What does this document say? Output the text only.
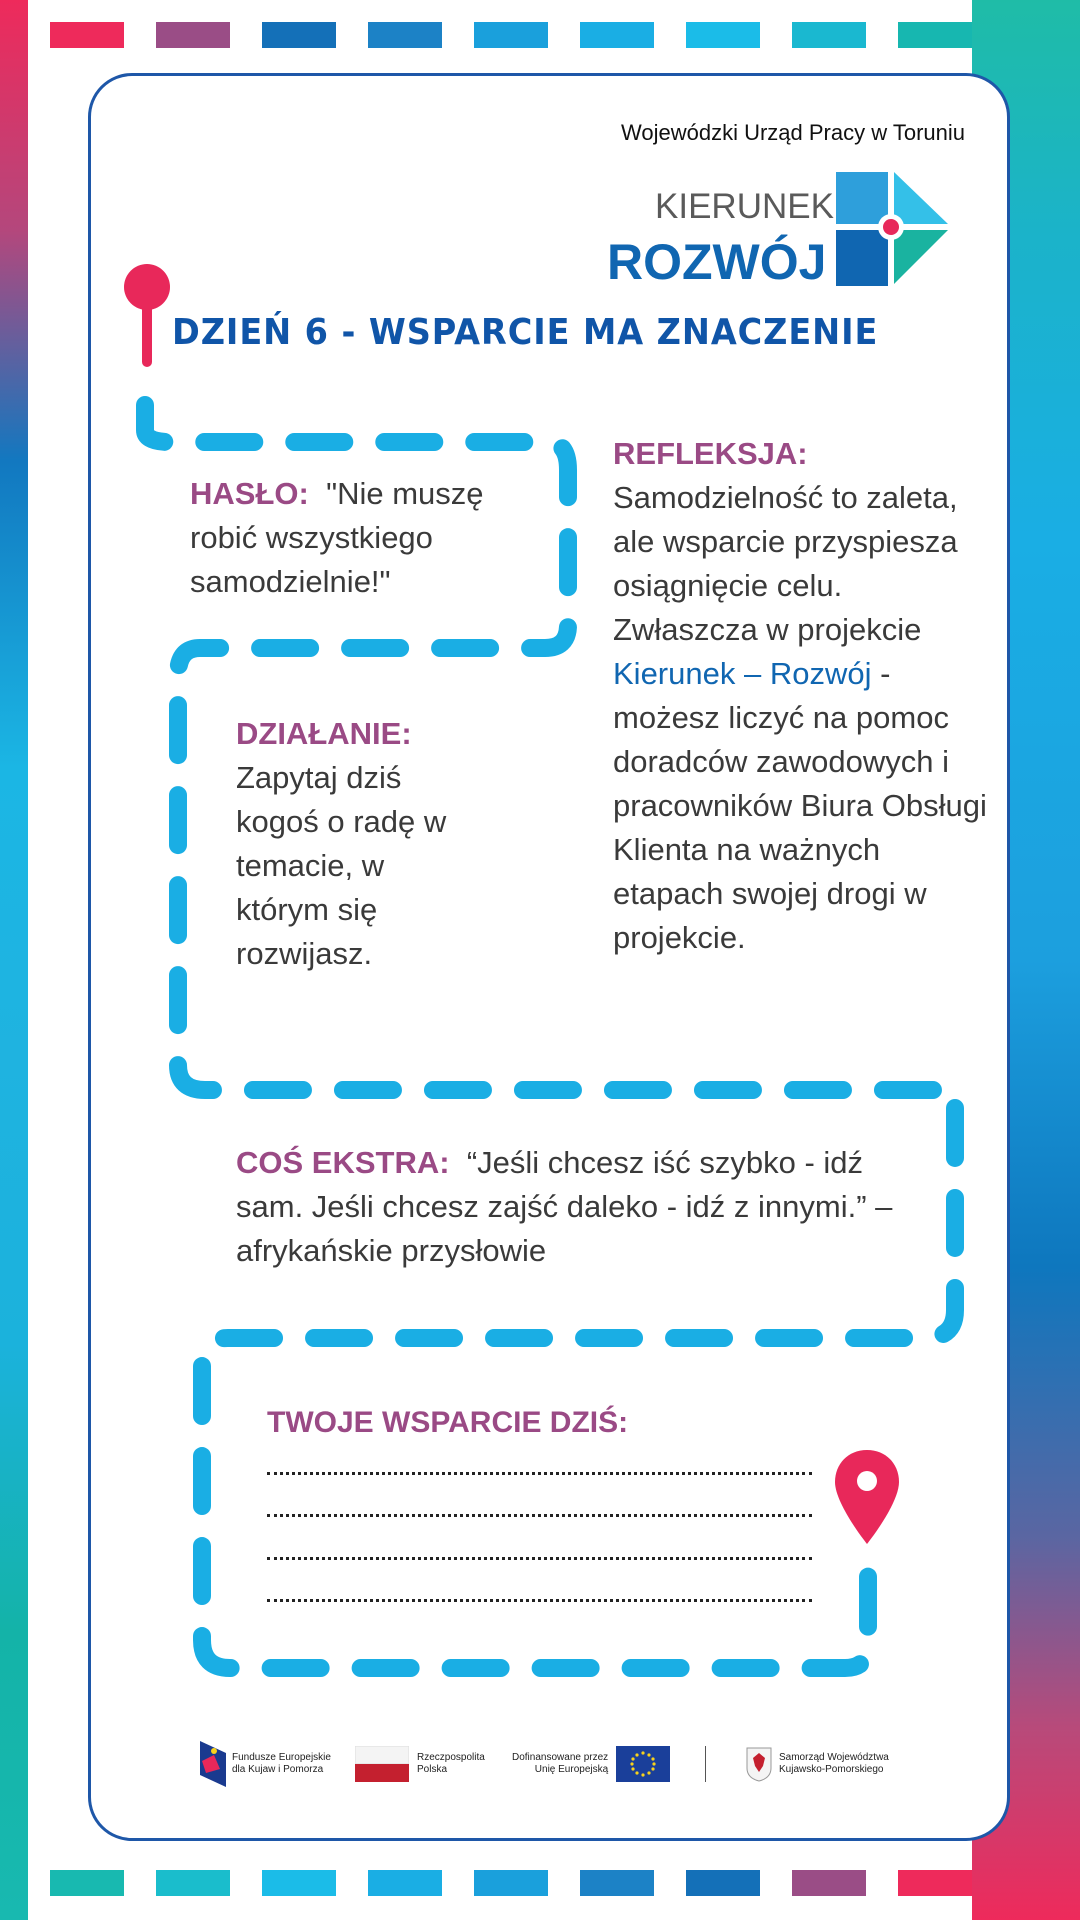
Wojewódzki Urząd Pracy w Toruniu
KIERUNEK
ROZWÓJ
DZIEŃ 6 - WSPARCIE MA ZNACZENIE
HASŁO: "Nie muszę robić wszystkiego samodzielnie!"
DZIAŁANIE:
Zapytaj dziś kogoś o radę w temacie, w którym się rozwijasz.
REFLEKSJA:
Samodzielność to zaleta, ale wsparcie przyspiesza osiągnięcie celu. Zwłaszcza w projekcie Kierunek – Rozwój - możesz liczyć na pomoc doradców zawodowych i pracowników Biura Obsługi Klienta na ważnych etapach swojej drogi w projekcie.
COŚ EKSTRA: “Jeśli chcesz iść szybko - idź sam. Jeśli chcesz zajść daleko - idź z innymi.” – afrykańskie przysłowie
TWOJE WSPARCIE DZIŚ:
Fundusze Europejskie
dla Kujaw i Pomorza
Rzeczpospolita
Polska
Dofinansowane przez
Unię Europejską
Samorząd Województwa
Kujawsko-Pomorskiego
